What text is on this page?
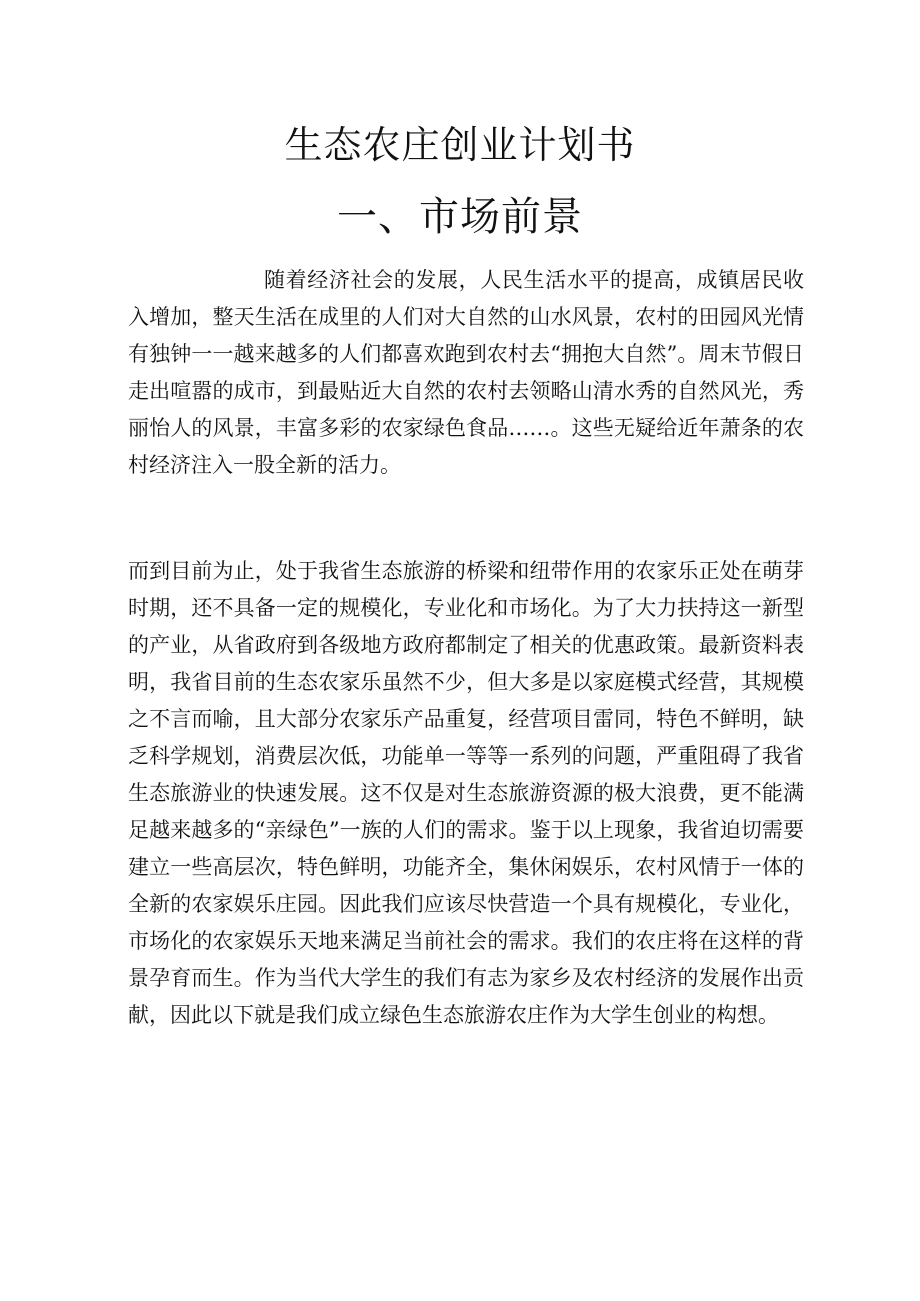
生态农庄创业计划书
一、市场前景

随着经济社会的发展，人民生活水平的提高，成镇居民收入增加，整天生活在成里的人们对大自然的山水风景，农村的田园风光情有独钟一一越来越多的人们都喜欢跑到农村去“拥抱大自然”。周末节假日走出喧嚣的成市，到最贴近大自然的农村去领略山清水秀的自然风光，秀丽怡人的风景，丰富多彩的农家绿色食品……。这些无疑给近年萧条的农村经济注入一股全新的活力。

而到目前为止，处于我省生态旅游的桥梁和纽带作用的农家乐正处在萌芽时期，还不具备一定的规模化，专业化和市场化。为了大力扶持这一新型的产业，从省政府到各级地方政府都制定了相关的优惠政策。最新资料表明，我省目前的生态农家乐虽然不少，但大多是以家庭模式经营，其规模之不言而喻，且大部分农家乐产品重复，经营项目雷同，特色不鲜明，缺乏科学规划，消费层次低，功能单一等等一系列的问题，严重阻碍了我省生态旅游业的快速发展。这不仅是对生态旅游资源的极大浪费，更不能满足越来越多的“亲绿色”一族的人们的需求。鉴于以上现象，我省迫切需要建立一些高层次，特色鲜明，功能齐全，集休闲娱乐，农村风情于一体的全新的农家娱乐庄园。因此我们应该尽快营造一个具有规模化，专业化，市场化的农家娱乐天地来满足当前社会的需求。我们的农庄将在这样的背景孕育而生。作为当代大学生的我们有志为家乡及农村经济的发展作出贡献，因此以下就是我们成立绿色生态旅游农庄作为大学生创业的构想。
